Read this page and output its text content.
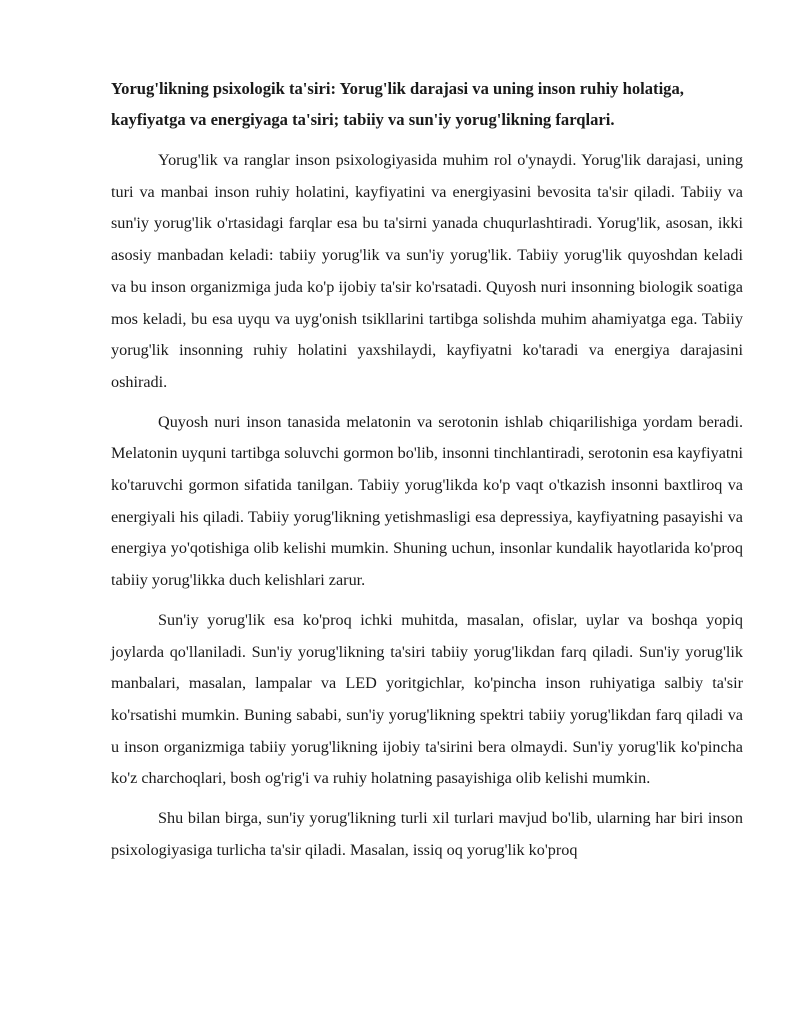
Yorug'likning psixologik ta'siri: Yorug'lik darajasi va uning inson ruhiy holatiga, kayfiyatga va energiyaga ta'siri; tabiiy va sun'iy yorug'likning farqlari.

Yorug'lik va ranglar inson psixologiyasida muhim rol o'ynaydi. Yorug'lik darajasi, uning turi va manbai inson ruhiy holatini, kayfiyatini va energiyasini bevosita ta'sir qiladi. Tabiiy va sun'iy yorug'lik o'rtasidagi farqlar esa bu ta'sirni yanada chuqurlashtiradi. Yorug'lik, asosan, ikki asosiy manbadan keladi: tabiiy yorug'lik va sun'iy yorug'lik. Tabiiy yorug'lik quyoshdan keladi va bu inson organizmiga juda ko'p ijobiy ta'sir ko'rsatadi. Quyosh nuri insonning biologik soatiga mos keladi, bu esa uyqu va uyg'onish tsikllarini tartibga solishda muhim ahamiyatga ega. Tabiiy yorug'lik insonning ruhiy holatini yaxshilaydi, kayfiyatni ko'taradi va energiya darajasini oshiradi.

Quyosh nuri inson tanasida melatonin va serotonin ishlab chiqarilishiga yordam beradi. Melatonin uyquni tartibga soluvchi gormon bo'lib, insonni tinchlantiradi, serotonin esa kayfiyatni ko'taruvchi gormon sifatida tanilgan. Tabiiy yorug'likda ko'p vaqt o'tkazish insonni baxtliroq va energiyali his qiladi. Tabiiy yorug'likning yetishmasligi esa depressiya, kayfiyatning pasayishi va energiya yo'qotishiga olib kelishi mumkin. Shuning uchun, insonlar kundalik hayotlarida ko'proq tabiiy yorug'likka duch kelishlari zarur.

Sun'iy yorug'lik esa ko'proq ichki muhitda, masalan, ofislar, uylar va boshqa yopiq joylarda qo'llaniladi. Sun'iy yorug'likning ta'siri tabiiy yorug'likdan farq qiladi. Sun'iy yorug'lik manbalari, masalan, lampalar va LED yoritgichlar, ko'pincha inson ruhiyatiga salbiy ta'sir ko'rsatishi mumkin. Buning sababi, sun'iy yorug'likning spektri tabiiy yorug'likdan farq qiladi va u inson organizmiga tabiiy yorug'likning ijobiy ta'sirini bera olmaydi. Sun'iy yorug'lik ko'pincha ko'z charchoqlari, bosh og'rig'i va ruhiy holatning pasayishiga olib kelishi mumkin.

Shu bilan birga, sun'iy yorug'likning turli xil turlari mavjud bo'lib, ularning har biri inson psixologiyasiga turlicha ta'sir qiladi. Masalan, issiq oq yorug'lik ko'proq
